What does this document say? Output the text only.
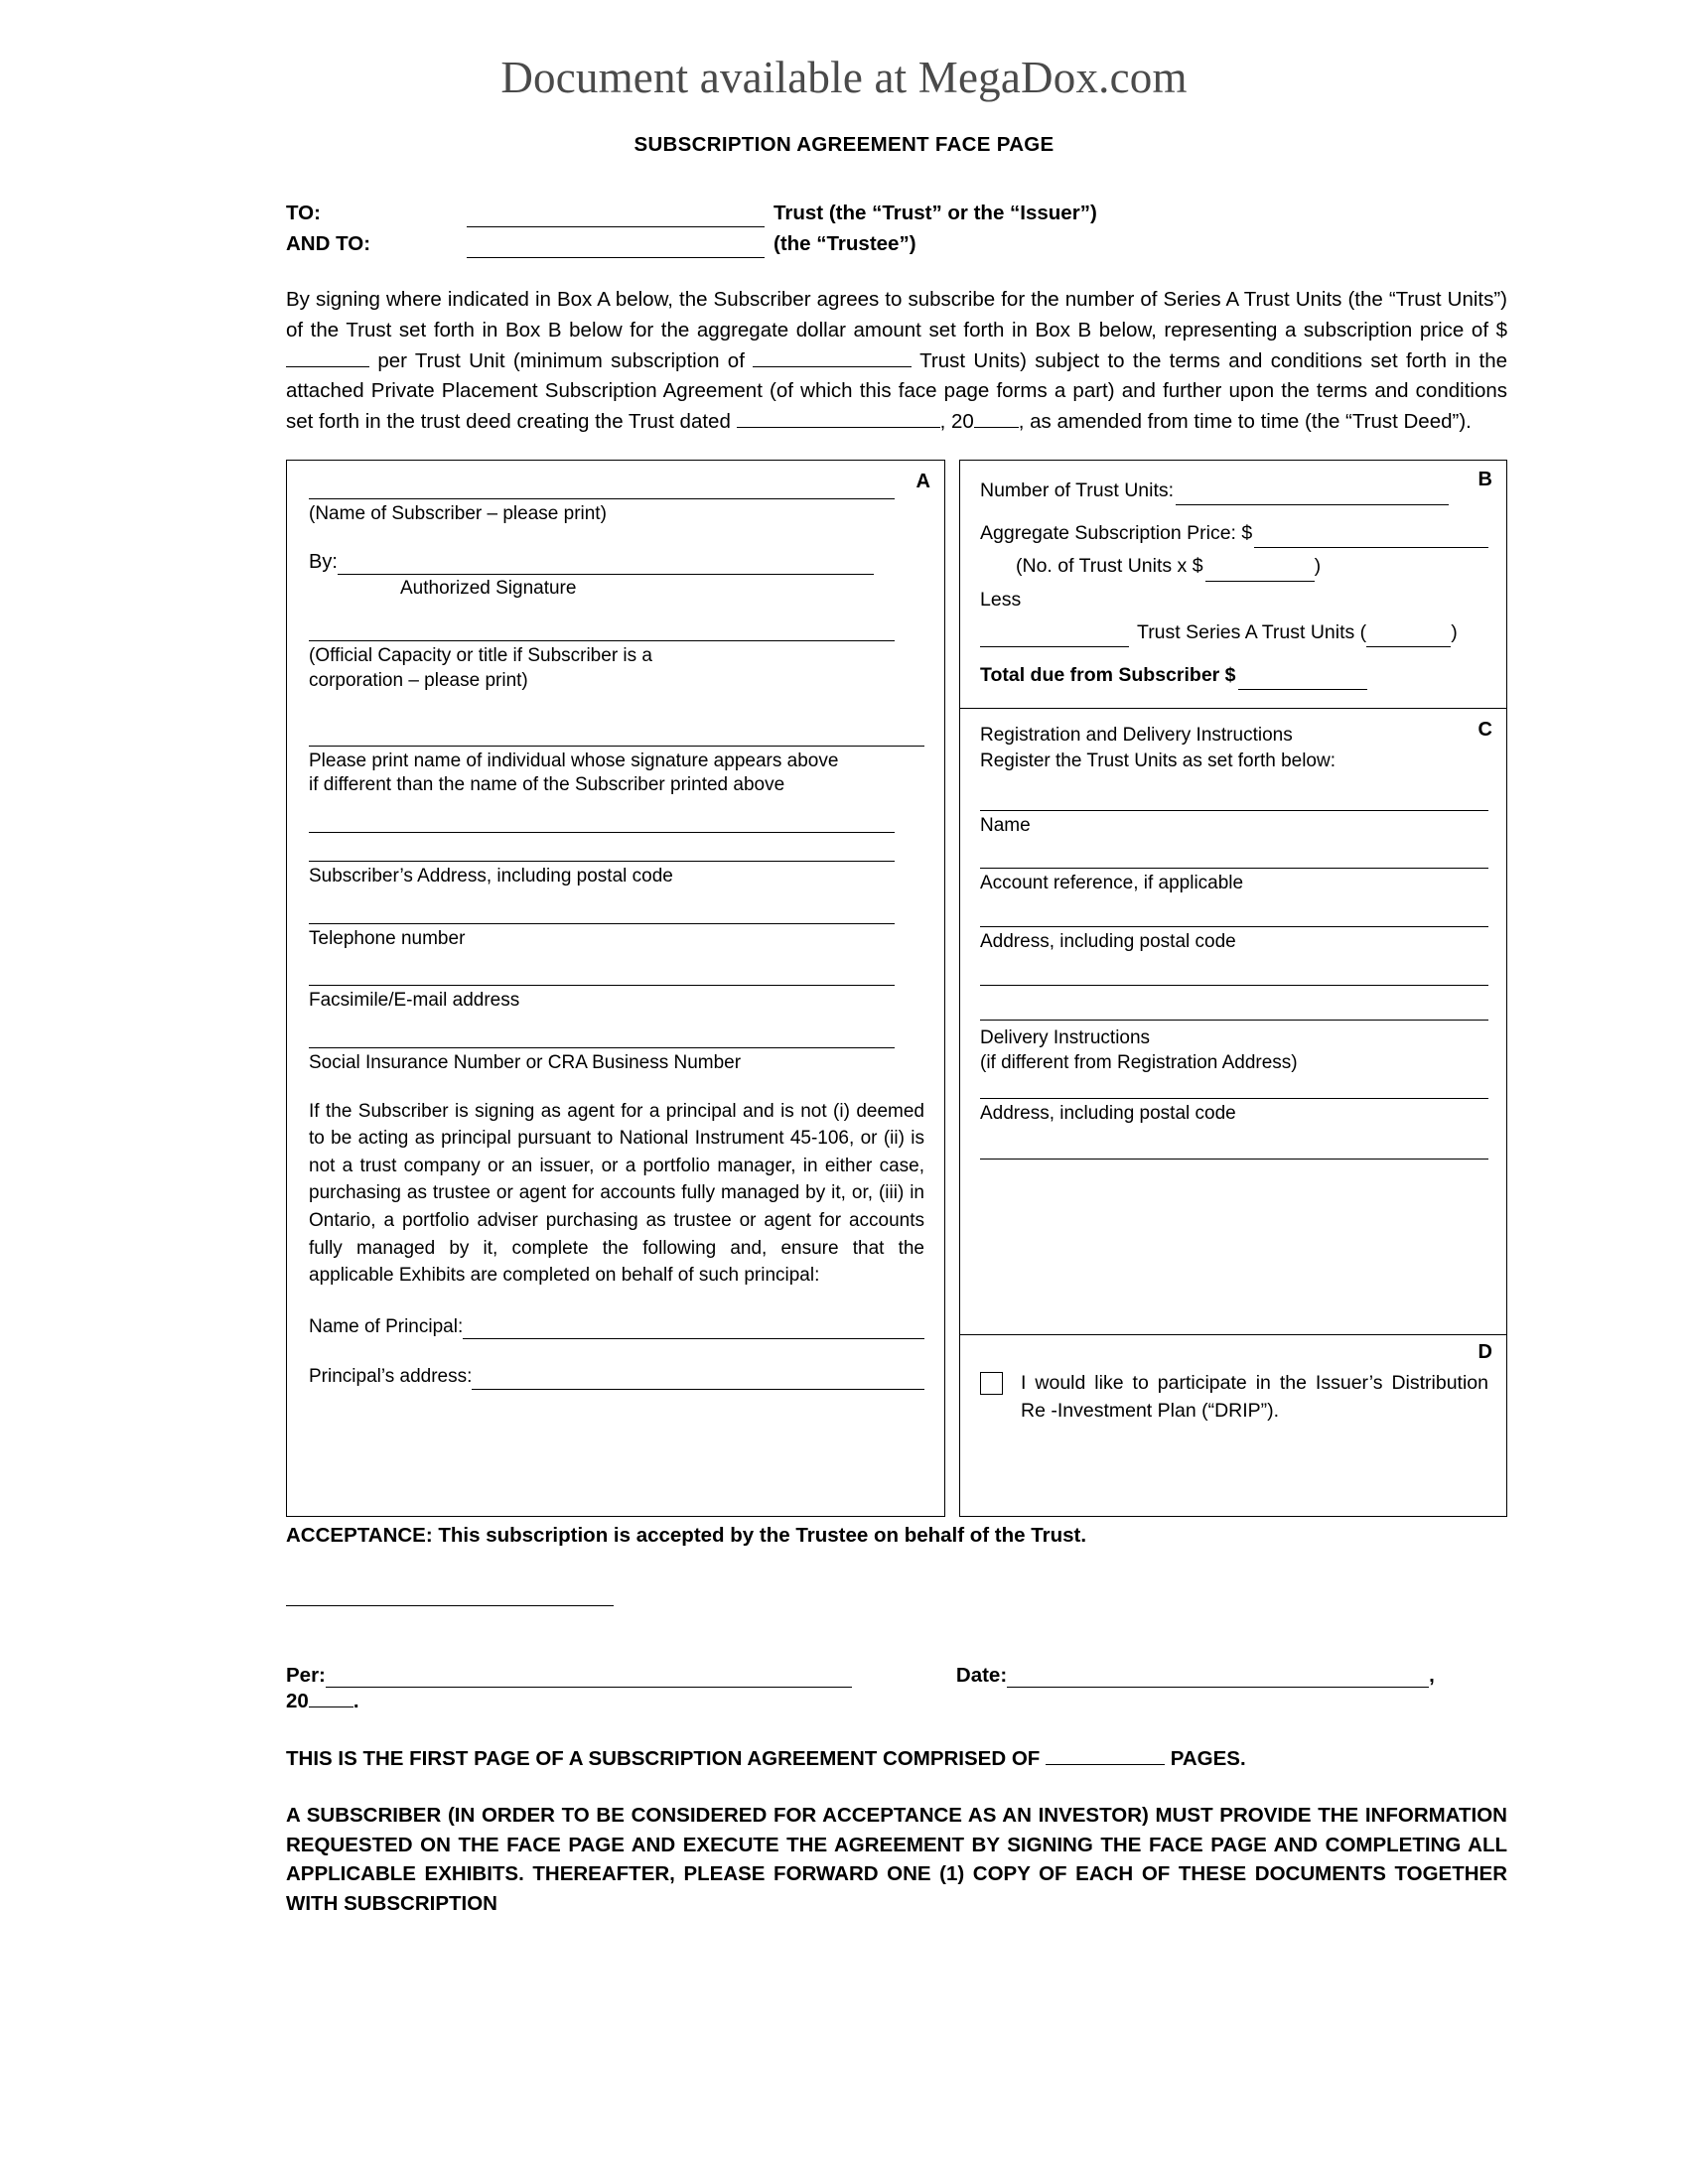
Document available at MegaDox.com
SUBSCRIPTION AGREEMENT FACE PAGE
TO:	Trust (the “Trust” or the “Issuer”)
AND TO:	(the “Trustee”)
By signing where indicated in Box A below, the Subscriber agrees to subscribe for the number of Series A Trust Units (the “Trust Units”) of the Trust set forth in Box B below for the aggregate dollar amount set forth in Box B below, representing a subscription price of $ per Trust Unit (minimum subscription of	Trust Units) subject to the terms and conditions set forth in the attached Private Placement Subscription Agreement (of which this face page forms a part) and further upon the terms and conditions set forth in the trust deed creating the Trust dated	, 20 , as amended from time to time (the “Trust Deed”).
A
(Name of Subscriber – please print)
By:
Authorized Signature
(Official Capacity or title if Subscriber is a
corporation – please print)
Please print name of individual whose signature appears above
if different than the name of the Subscriber printed above
Subscriber’s Address, including postal code
Telephone number
Facsimile/E-mail address
Social Insurance Number or CRA Business Number
If the Subscriber is signing as agent for a principal and is not (i) deemed to be acting as principal pursuant to National Instrument 45-106, or (ii) is not a trust company or an issuer, or a portfolio manager, in either case, purchasing as trustee or agent for accounts fully managed by it, or, (iii) in Ontario, a portfolio adviser purchasing as trustee or agent for accounts fully managed by it, complete the following and, ensure that the applicable Exhibits are completed on behalf of such principal:
Name of Principal:
Principal’s address:
B
Number of Trust Units:
Aggregate Subscription Price: $
(No. of Trust Units x $	)
Less
Trust Series A Trust Units (	)
Total due from Subscriber $
C
Registration and Delivery Instructions
Register the Trust Units as set forth below:
Name
Account reference, if applicable
Address, including postal code
Delivery Instructions
(if different from Registration Address)
Address, including postal code
D
I would like to participate in the Issuer’s Distribution Re -Investment Plan (“DRIP”).
ACCEPTANCE: This subscription is accepted by the Trustee on behalf of the Trust.
Per:	Date:	,
20 .
THIS IS THE FIRST PAGE OF A SUBSCRIPTION AGREEMENT COMPRISED OF	PAGES.
A SUBSCRIBER (IN ORDER TO BE CONSIDERED FOR ACCEPTANCE AS AN INVESTOR) MUST PROVIDE THE INFORMATION REQUESTED ON THE FACE PAGE AND EXECUTE THE AGREEMENT BY SIGNING THE FACE PAGE AND COMPLETING ALL APPLICABLE EXHIBITS. THEREAFTER, PLEASE FORWARD ONE (1) COPY OF EACH OF THESE DOCUMENTS TOGETHER WITH SUBSCRIPTION
